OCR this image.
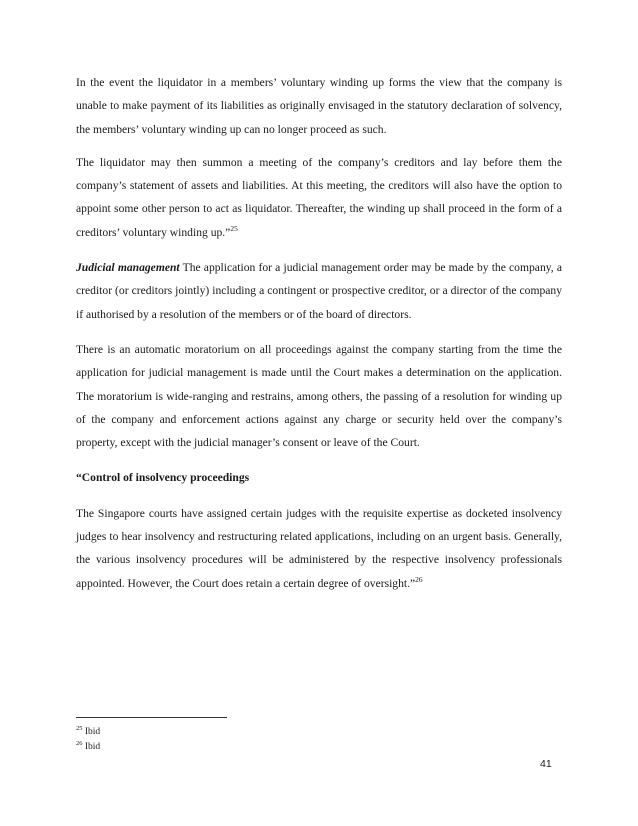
In the event the liquidator in a members’ voluntary winding up forms the view that the company is unable to make payment of its liabilities as originally envisaged in the statutory declaration of solvency, the members’ voluntary winding up can no longer proceed as such.

The liquidator may then summon a meeting of the company’s creditors and lay before them the company’s statement of assets and liabilities. At this meeting, the creditors will also have the option to appoint some other person to act as liquidator. Thereafter, the winding up shall proceed in the form of a creditors’ voluntary winding up.”$^{25}$

Judicial management The application for a judicial management order may be made by the company, a creditor (or creditors jointly) including a contingent or prospective creditor, or a director of the company if authorised by a resolution of the members or of the board of directors.

There is an automatic moratorium on all proceedings against the company starting from the time the application for judicial management is made until the Court makes a determination on the application. The moratorium is wide-ranging and restrains, among others, the passing of a resolution for winding up of the company and enforcement actions against any charge or security held over the company’s property, except with the judicial manager’s consent or leave of the Court.

“Control of insolvency proceedings

The Singapore courts have assigned certain judges with the requisite expertise as docketed insolvency judges to hear insolvency and restructuring related applications, including on an urgent basis. Generally, the various insolvency procedures will be administered by the respective insolvency professionals appointed. However, the Court does retain a certain degree of oversight.”$^{26}$

$^{25}$ Ibid
$^{26}$ Ibid
41
